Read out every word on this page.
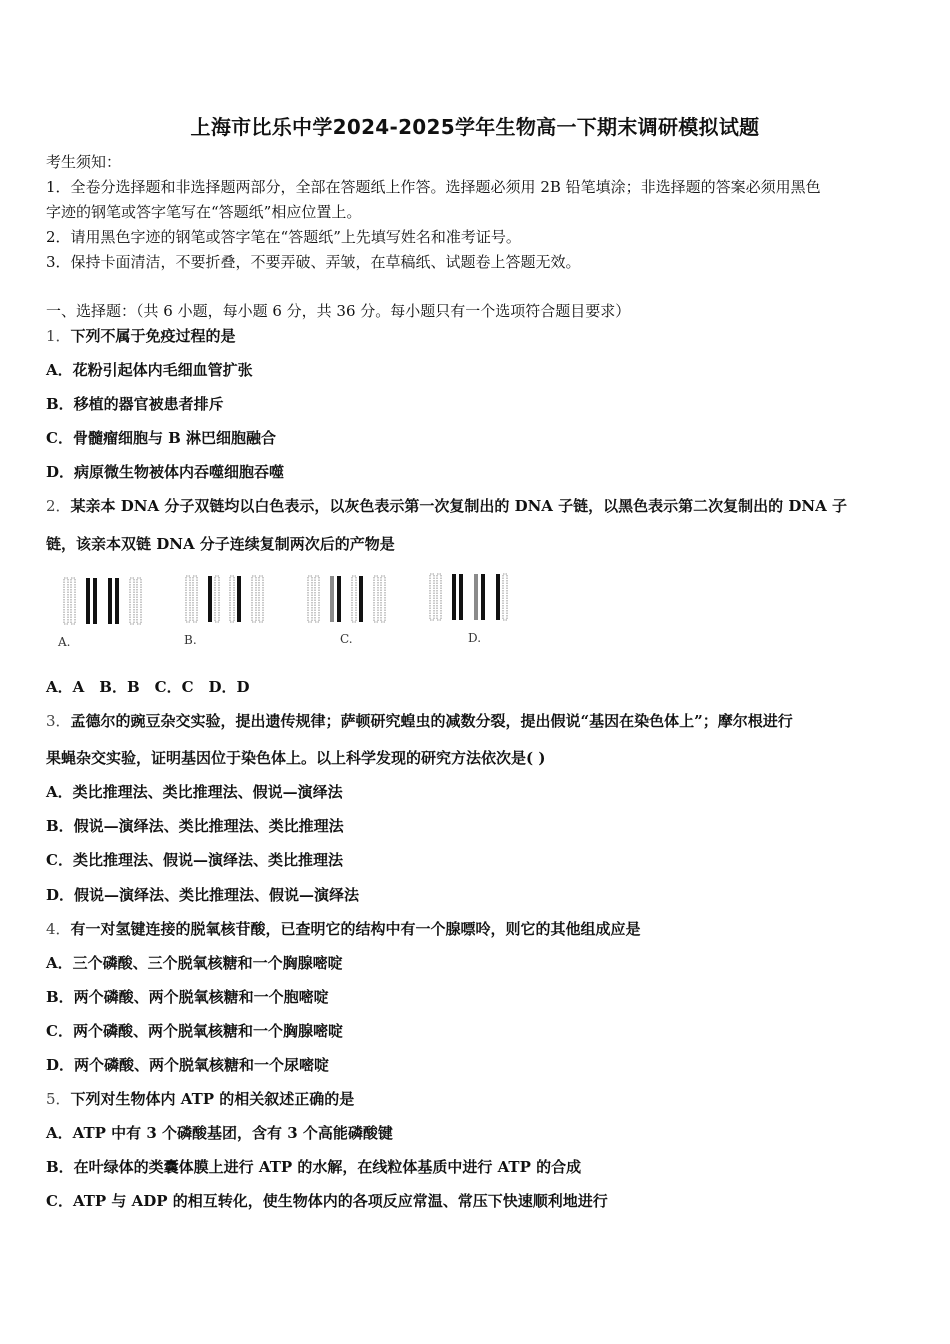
上海市比乐中学2024-2025学年生物高一下期末调研模拟试题
考生须知：
1．全卷分选择题和非选择题两部分，全部在答题纸上作答。选择题必须用 2B 铅笔填涂；非选择题的答案必须用黑色
字迹的钢笔或答字笔写在“答题纸”相应位置上。
2．请用黑色字迹的钢笔或答字笔在“答题纸”上先填写姓名和准考证号。
3．保持卡面清洁，不要折叠，不要弄破、弄皱，在草稿纸、试题卷上答题无效。
一、选择题：（共 6 小题，每小题 6 分，共 36 分。每小题只有一个选项符合题目要求）
1．下列不属于免疫过程的是
A．花粉引起体内毛细血管扩张
B．移植的器官被患者排斥
C．骨髓瘤细胞与 B 淋巴细胞融合
D．病原微生物被体内吞噬细胞吞噬
2．某亲本 DNA 分子双链均以白色表示，以灰色表示第一次复制出的 DNA 子链，以黑色表示第二次复制出的 DNA 子
链，该亲本双链 DNA 分子连续复制两次后的产物是
A.	B.	C.	D.
A．A　B．B　C．C　D．D
3．孟德尔的豌豆杂交实验，提出遗传规律；萨顿研究蝗虫的减数分裂，提出假说“基因在染色体上”；摩尔根进行
果蝇杂交实验，证明基因位于染色体上。以上科学发现的研究方法依次是( )
A．类比推理法、类比推理法、假说—演绎法
B．假说—演绎法、类比推理法、类比推理法
C．类比推理法、假说—演绎法、类比推理法
D．假说—演绎法、类比推理法、假说—演绎法
4．有一对氢键连接的脱氧核苷酸，已查明它的结构中有一个腺嘌呤，则它的其他组成应是
A．三个磷酸、三个脱氧核糖和一个胸腺嘧啶
B．两个磷酸、两个脱氧核糖和一个胞嘧啶
C．两个磷酸、两个脱氧核糖和一个胸腺嘧啶
D．两个磷酸、两个脱氧核糖和一个尿嘧啶
5．下列对生物体内 ATP 的相关叙述正确的是
A．ATP 中有 3 个磷酸基团，含有 3 个高能磷酸键
B．在叶绿体的类囊体膜上进行 ATP 的水解，在线粒体基质中进行 ATP 的合成
C．ATP 与 ADP 的相互转化，使生物体内的各项反应常温、常压下快速顺利地进行
